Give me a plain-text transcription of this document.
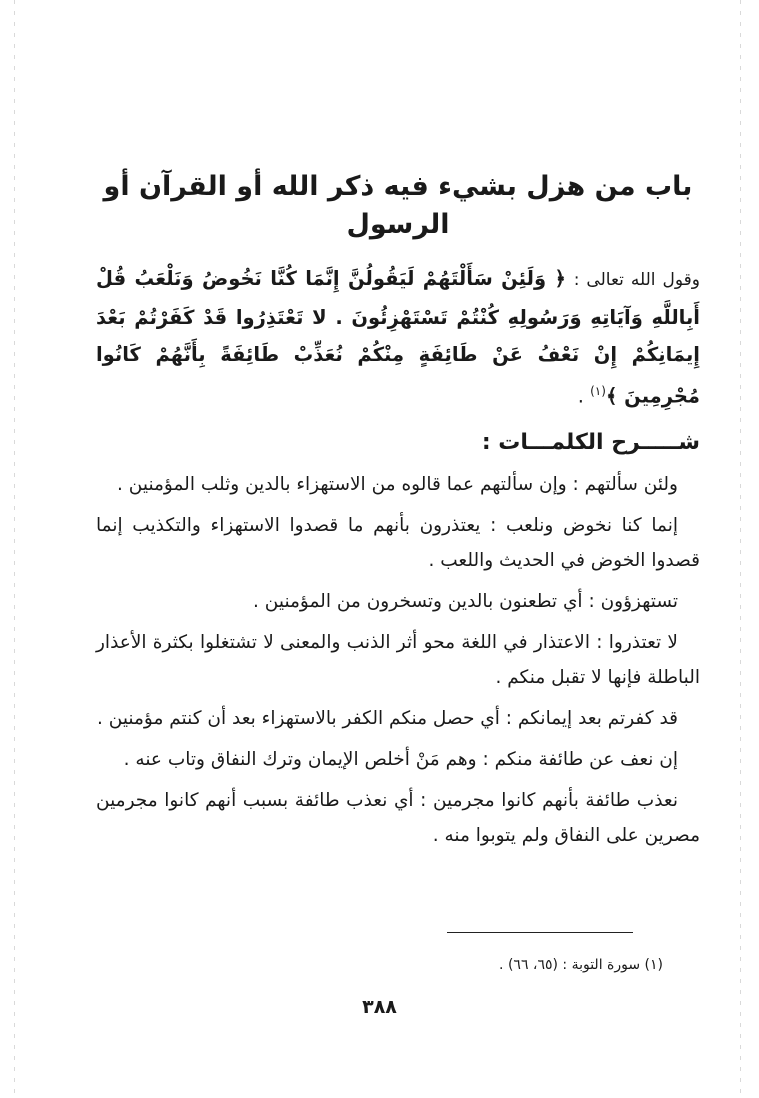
باب من هزل بشيء فيه ذكر الله أو القرآن أو الرسول

وقول الله تعالى : ﴿ وَلَئِنْ سَأَلْتَهُمْ لَيَقُولُنَّ إِنَّمَا كُنَّا نَخُوضُ وَنَلْعَبُ قُلْ أَبِاللَّهِ وَآيَاتِهِ وَرَسُولِهِ كُنْتُمْ تَسْتَهْزِئُونَ . لا تَعْتَذِرُوا قَدْ كَفَرْتُمْ بَعْدَ إِيمَانِكُمْ إِنْ نَعْفُ عَنْ طَائِفَةٍ مِنْكُمْ نُعَذِّبْ طَائِفَةً بِأَنَّهُمْ كَانُوا مُجْرِمِينَ ﴾$^{(١)}$ .

شـــــرح الكلمـــات :

ولئن سألتهم : وإن سألتهم عما قالوه من الاستهزاء بالدين وثلب المؤمنين .

إنما كنا نخوض ونلعب : يعتذرون بأنهم ما قصدوا الاستهزاء والتكذيب إنما قصدوا الخوض في الحديث واللعب .

تستهزؤون : أي تطعنون بالدين وتسخرون من المؤمنين .

لا تعتذروا : الاعتذار في اللغة محو أثر الذنب والمعنى لا تشتغلوا بكثرة الأعذار الباطلة فإنها لا تقبل منكم .

قد كفرتم بعد إيمانكم : أي حصل منكم الكفر بالاستهزاء بعد أن كنتم مؤمنين .

إن نعف عن طائفة منكم : وهم مَنْ أخلص الإيمان وترك النفاق وتاب عنه .

نعذب طائفة بأنهم كانوا مجرمين : أي نعذب طائفة بسبب أنهم كانوا مجرمين مصرين على النفاق ولم يتوبوا منه .

(١) سورة التوبة : (٦٥، ٦٦) .
٣٨٨
